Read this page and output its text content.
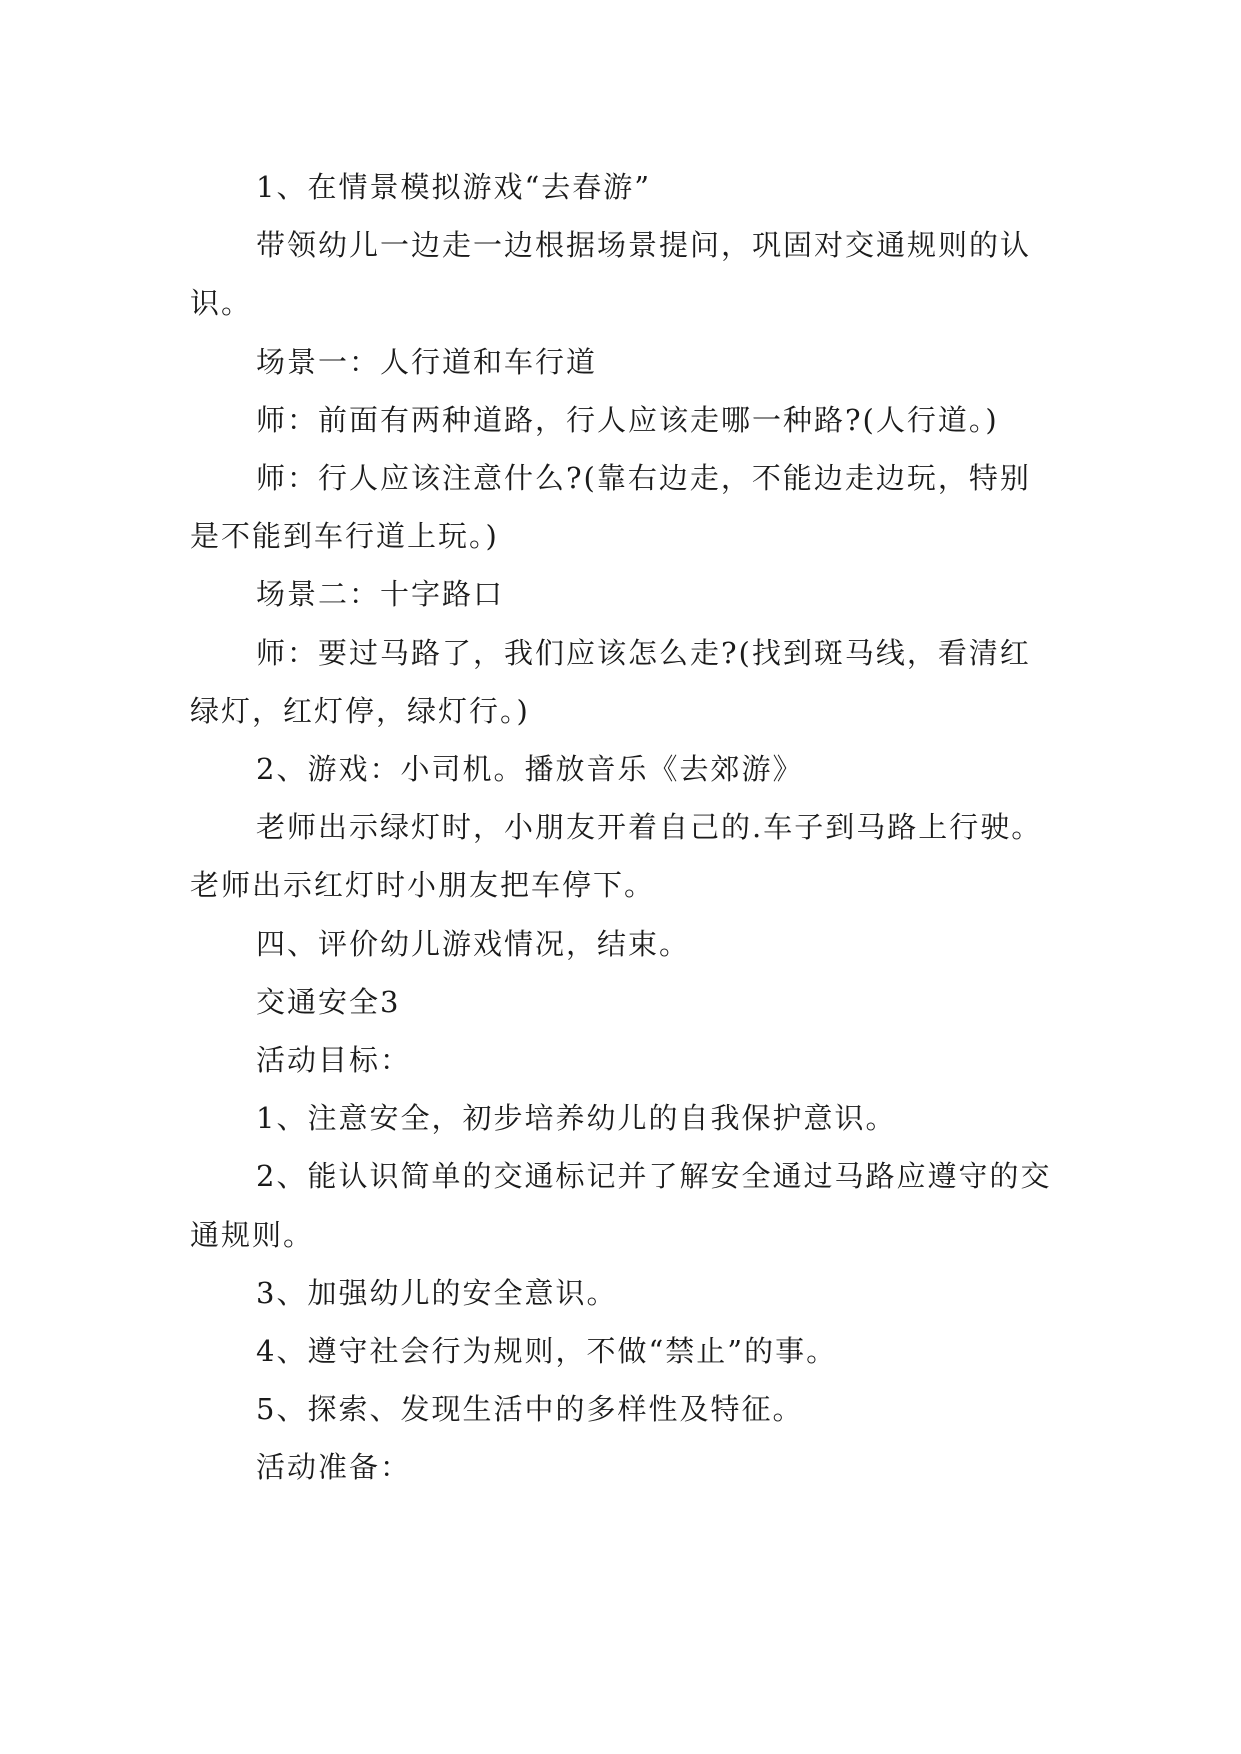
1、在情景模拟游戏“去春游”

带领幼儿一边走一边根据场景提问，巩固对交通规则的认识。

场景一：人行道和车行道

师：前面有两种道路，行人应该走哪一种路?(人行道。)

师：行人应该注意什么?(靠右边走，不能边走边玩，特别是不能到车行道上玩。)

场景二：十字路口

师：要过马路了，我们应该怎么走?(找到斑马线，看清红绿灯，红灯停，绿灯行。)

2、游戏：小司机。播放音乐《去郊游》

老师出示绿灯时，小朋友开着自己的.车子到马路上行驶。老师出示红灯时小朋友把车停下。

四、评价幼儿游戏情况，结束。

交通安全3

活动目标：

1、注意安全，初步培养幼儿的自我保护意识。

2、能认识简单的交通标记并了解安全通过马路应遵守的交通规则。

3、加强幼儿的安全意识。

4、遵守社会行为规则，不做“禁止”的事。

5、探索、发现生活中的多样性及特征。

活动准备：
